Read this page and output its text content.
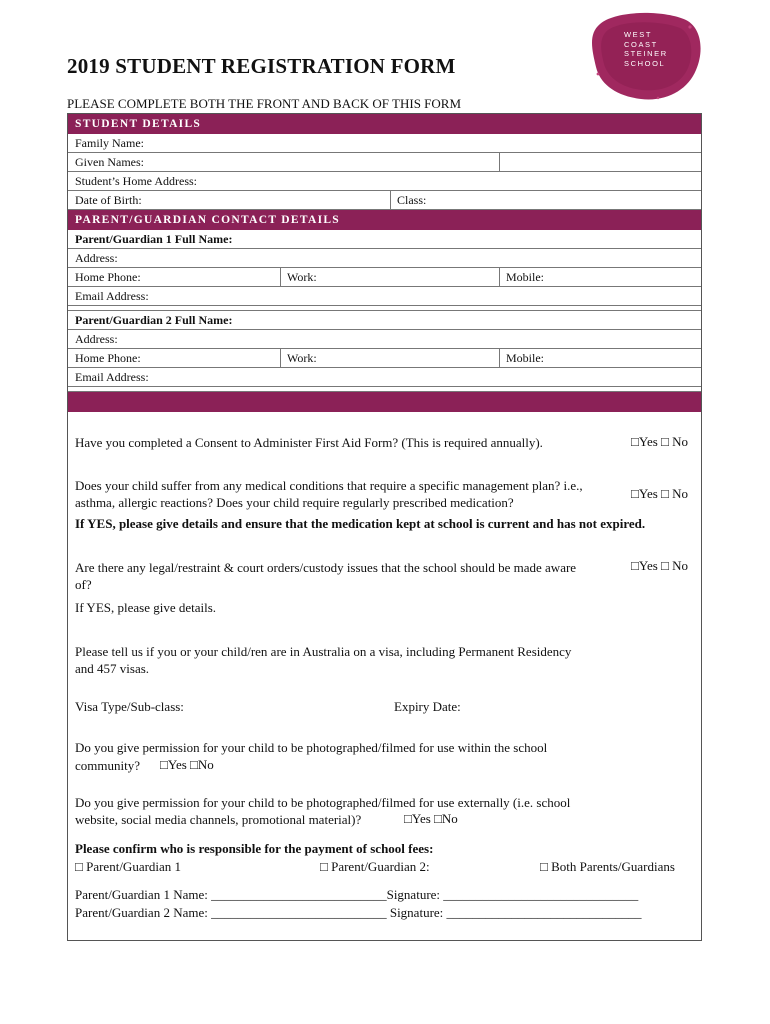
2019 STUDENT REGISTRATION FORM
PLEASE COMPLETE BOTH THE FRONT AND BACK OF THIS FORM
WEST
COAST
STEINER
SCHOOL
STUDENT DETAILS
Family Name:
Given Names:
Student’s Home Address:
Date of Birth:	Class:
PARENT/GUARDIAN CONTACT DETAILS
Parent/Guardian 1 Full Name:
Address:
Home Phone:	Work:	Mobile:
Email Address:
Parent/Guardian 2 Full Name:
Address:
Home Phone:	Work:	Mobile:
Email Address:
Have you completed a Consent to Administer First Aid Form? (This is required annually).	□Yes □ No
Does your child suffer from any medical conditions that require a specific management plan? i.e.,
asthma, allergic reactions? Does your child require regularly prescribed medication?
□Yes □ No
If YES, please give details and ensure that the medication kept at school is current and has not expired.
Are there any legal/restraint & court orders/custody issues that the school should be made aware
of?
□Yes □ No
If YES, please give details.
Please tell us if you or your child/ren are in Australia on a visa, including Permanent Residency
and 457 visas.
Visa Type/Sub-class:	Expiry Date:
Do you give permission for your child to be photographed/filmed for use within the school
community? □Yes □No
Do you give permission for your child to be photographed/filmed for use externally (i.e. school
website, social media channels, promotional material)?	□Yes □No
Please confirm who is responsible for the payment of school fees:
□ Parent/Guardian 1	□ Parent/Guardian 2:	□ Both Parents/Guardians
Parent/Guardian 1 Name: ___________________________Signature: ______________________________
Parent/Guardian 2 Name: ___________________________ Signature: ______________________________
